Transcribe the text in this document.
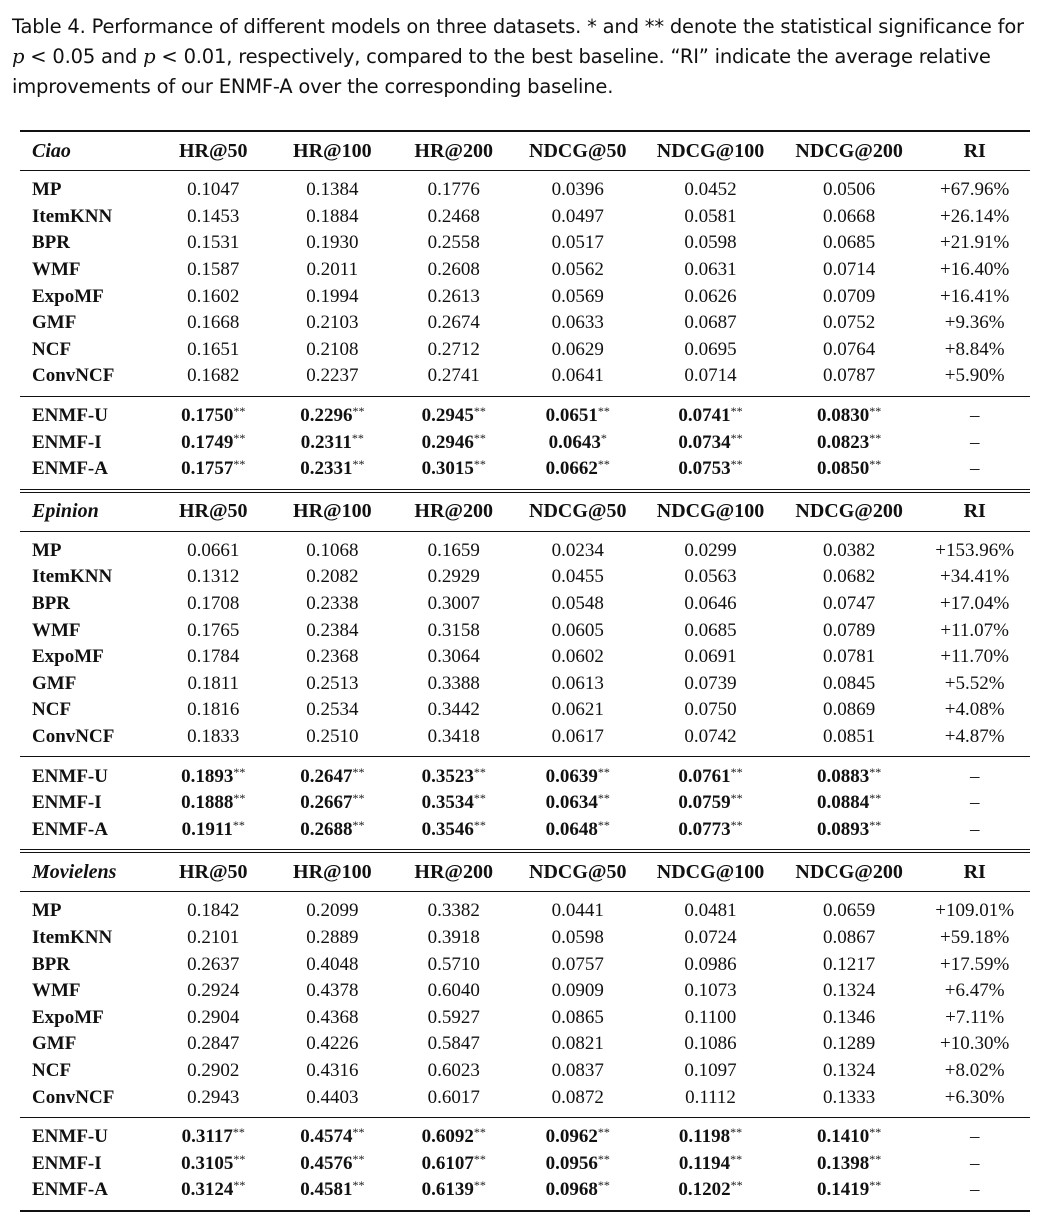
Table 4. Performance of different models on three datasets. * and ** denote the statistical significance for p < 0.05 and p < 0.01, respectively, compared to the best baseline. “RI” indicate the average relative improvements of our ENMF-A over the corresponding baseline.
Ciao	HR@50	HR@100	HR@200	NDCG@50	NDCG@100	NDCG@200	RI
MP	0.1047	0.1384	0.1776	0.0396	0.0452	0.0506	+67.96%
ItemKNN	0.1453	0.1884	0.2468	0.0497	0.0581	0.0668	+26.14%
BPR	0.1531	0.1930	0.2558	0.0517	0.0598	0.0685	+21.91%
WMF	0.1587	0.2011	0.2608	0.0562	0.0631	0.0714	+16.40%
ExpoMF	0.1602	0.1994	0.2613	0.0569	0.0626	0.0709	+16.41%
GMF	0.1668	0.2103	0.2674	0.0633	0.0687	0.0752	+9.36%
NCF	0.1651	0.2108	0.2712	0.0629	0.0695	0.0764	+8.84%
ConvNCF	0.1682	0.2237	0.2741	0.0641	0.0714	0.0787	+5.90%
ENMF-U	0.1750**	0.2296**	0.2945**	0.0651**	0.0741**	0.0830**	–
ENMF-I	0.1749**	0.2311**	0.2946**	0.0643*	0.0734**	0.0823**	–
ENMF-A	0.1757**	0.2331**	0.3015**	0.0662**	0.0753**	0.0850**	–
Epinion	HR@50	HR@100	HR@200	NDCG@50	NDCG@100	NDCG@200	RI
MP	0.0661	0.1068	0.1659	0.0234	0.0299	0.0382	+153.96%
ItemKNN	0.1312	0.2082	0.2929	0.0455	0.0563	0.0682	+34.41%
BPR	0.1708	0.2338	0.3007	0.0548	0.0646	0.0747	+17.04%
WMF	0.1765	0.2384	0.3158	0.0605	0.0685	0.0789	+11.07%
ExpoMF	0.1784	0.2368	0.3064	0.0602	0.0691	0.0781	+11.70%
GMF	0.1811	0.2513	0.3388	0.0613	0.0739	0.0845	+5.52%
NCF	0.1816	0.2534	0.3442	0.0621	0.0750	0.0869	+4.08%
ConvNCF	0.1833	0.2510	0.3418	0.0617	0.0742	0.0851	+4.87%
ENMF-U	0.1893**	0.2647**	0.3523**	0.0639**	0.0761**	0.0883**	–
ENMF-I	0.1888**	0.2667**	0.3534**	0.0634**	0.0759**	0.0884**	–
ENMF-A	0.1911**	0.2688**	0.3546**	0.0648**	0.0773**	0.0893**	–
Movielens	HR@50	HR@100	HR@200	NDCG@50	NDCG@100	NDCG@200	RI
MP	0.1842	0.2099	0.3382	0.0441	0.0481	0.0659	+109.01%
ItemKNN	0.2101	0.2889	0.3918	0.0598	0.0724	0.0867	+59.18%
BPR	0.2637	0.4048	0.5710	0.0757	0.0986	0.1217	+17.59%
WMF	0.2924	0.4378	0.6040	0.0909	0.1073	0.1324	+6.47%
ExpoMF	0.2904	0.4368	0.5927	0.0865	0.1100	0.1346	+7.11%
GMF	0.2847	0.4226	0.5847	0.0821	0.1086	0.1289	+10.30%
NCF	0.2902	0.4316	0.6023	0.0837	0.1097	0.1324	+8.02%
ConvNCF	0.2943	0.4403	0.6017	0.0872	0.1112	0.1333	+6.30%
ENMF-U	0.3117**	0.4574**	0.6092**	0.0962**	0.1198**	0.1410**	–
ENMF-I	0.3105**	0.4576**	0.6107**	0.0956**	0.1194**	0.1398**	–
ENMF-A	0.3124**	0.4581**	0.6139**	0.0968**	0.1202**	0.1419**	–
